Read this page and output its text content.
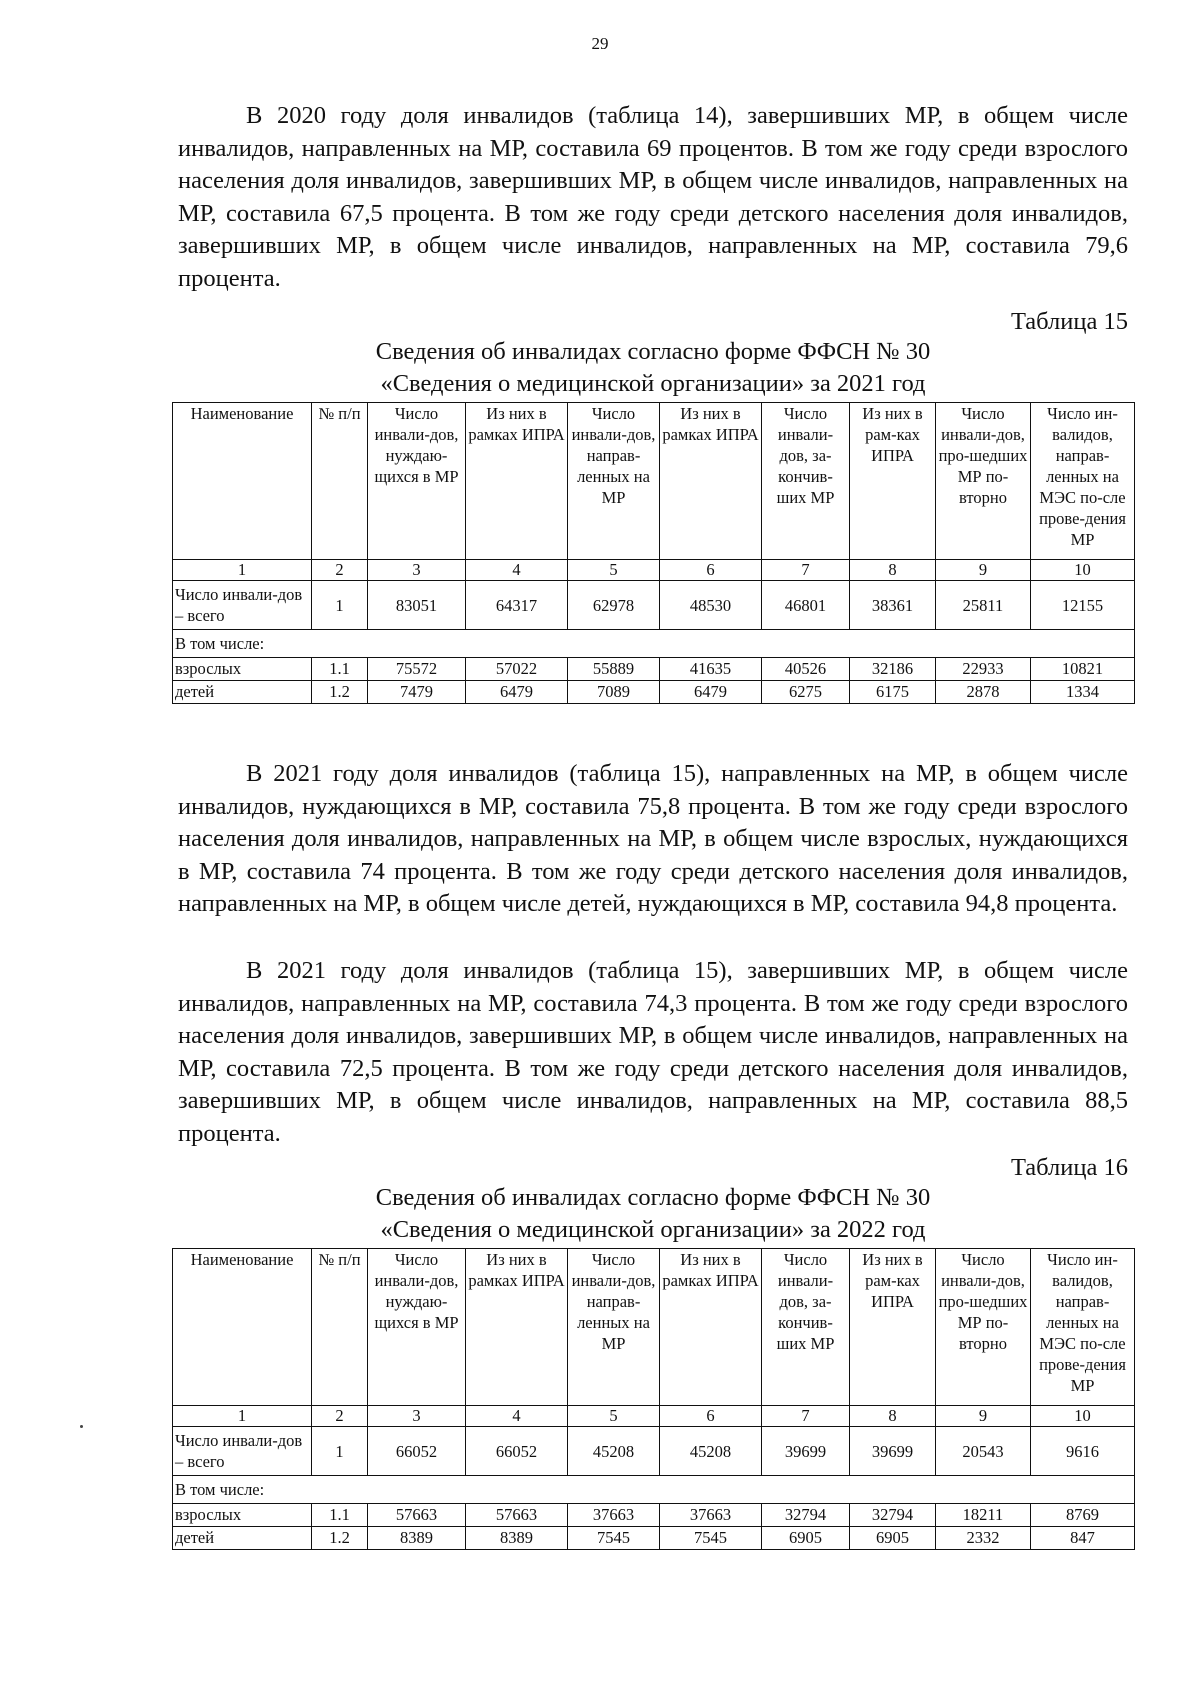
29

В 2020 году доля инвалидов (таблица 14), завершивших МР, в общем числе инвалидов, направленных на МР, составила 69 процентов. В том же году среди взрослого населения доля инвалидов, завершивших МР, в общем числе инвалидов, направленных на МР, составила 67,5 процента. В том же году среди детского населения доля инвалидов, завершивших МР, в общем числе инвалидов, направленных на МР, составила 79,6 процента.

Таблица 15

Сведения об инвалидах согласно форме ФФСН № 30

«Сведения о медицинской организации» за 2021 год

Наименование	№ п/п	Число инвали-дов, нуждаю-щихся в МР	Из них в рамках ИПРА	Число инвали-дов, направ-ленных на МР	Из них в рамках ИПРА	Число инвали-дов, за-кончив-ших МР	Из них в рам-ках ИПРА	Число инвали-дов, про-шедших МР по-вторно	Число ин-валидов, направ-ленных на МЭС по-сле прове-дения МР
1	2	3	4	5	6	7	8	9	10
Число инвали-дов – всего	1	83051	64317	62978	48530	46801	38361	25811	12155
В том числе:									
взрослых	1.1	75572	57022	55889	41635	40526	32186	22933	10821
детей	1.2	7479	6479	7089	6479	6275	6175	2878	1334

В 2021 году доля инвалидов (таблица 15), направленных на МР, в общем числе инвалидов, нуждающихся в МР, составила 75,8 процента. В том же году среди взрослого населения доля инвалидов, направленных на МР, в общем числе взрослых, нуждающихся в МР, составила 74 процента. В том же году среди детского населения доля инвалидов, направленных на МР, в общем числе детей, нуждающихся в МР, составила 94,8 процента.

В 2021 году доля инвалидов (таблица 15), завершивших МР, в общем числе инвалидов, направленных на МР, составила 74,3 процента. В том же году среди взрослого населения доля инвалидов, завершивших МР, в общем числе инвалидов, направленных на МР, составила 72,5 процента. В том же году среди детского населения доля инвалидов, завершивших МР, в общем числе инвалидов, направленных на МР, составила 88,5 процента.

Таблица 16

Сведения об инвалидах согласно форме ФФСН № 30

«Сведения о медицинской организации» за 2022 год

Наименование	№ п/п	Число инвали-дов, нуждаю-щихся в МР	Из них в рамках ИПРА	Число инвали-дов, направ-ленных на МР	Из них в рамках ИПРА	Число инвали-дов, за-кончив-ших МР	Из них в рам-ках ИПРА	Число инвали-дов, про-шедших МР по-вторно	Число ин-валидов, направ-ленных на МЭС по-сле прове-дения МР
1	2	3	4	5	6	7	8	9	10
Число инвали-дов – всего	1	66052	66052	45208	45208	39699	39699	20543	9616
В том числе:									
взрослых	1.1	57663	57663	37663	37663	32794	32794	18211	8769
детей	1.2	8389	8389	7545	7545	6905	6905	2332	847
